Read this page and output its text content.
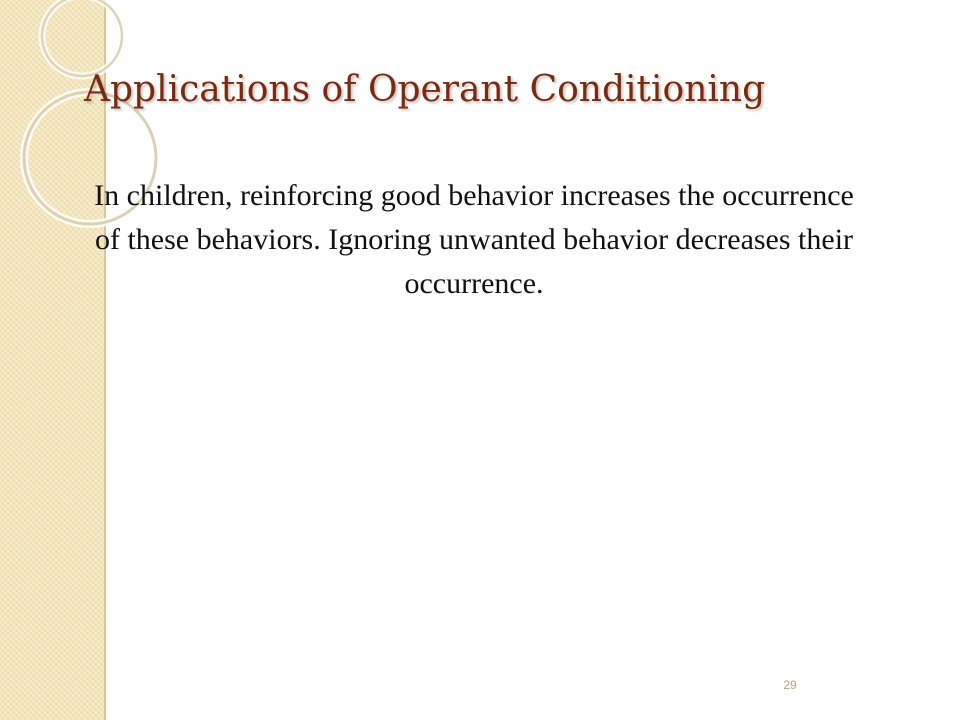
Applications of Operant Conditioning

In children, reinforcing good behavior increases the occurrence of these behaviors. Ignoring unwanted behavior decreases their occurrence.

29
